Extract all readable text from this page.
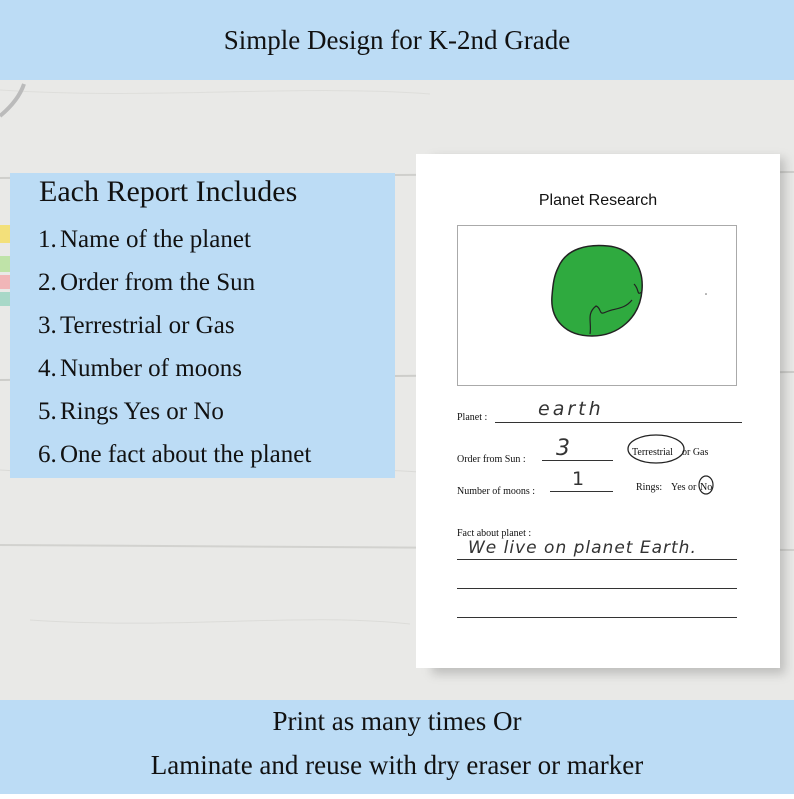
Simple Design for K-2nd Grade
Each Report Includes
1. Name of the planet
2. Order from the Sun
3. Terrestrial or Gas
4. Number of moons
5. Rings Yes or No
6. One fact about the planet
Planet Research
Planet :	earth
Order from Sun : 3	Terrestrial or Gas
Number of moons :
1	Rings: Yes or No
Fact about planet :
We live on planet Earth.
Print as many times Or
Laminate and reuse with dry eraser or marker
